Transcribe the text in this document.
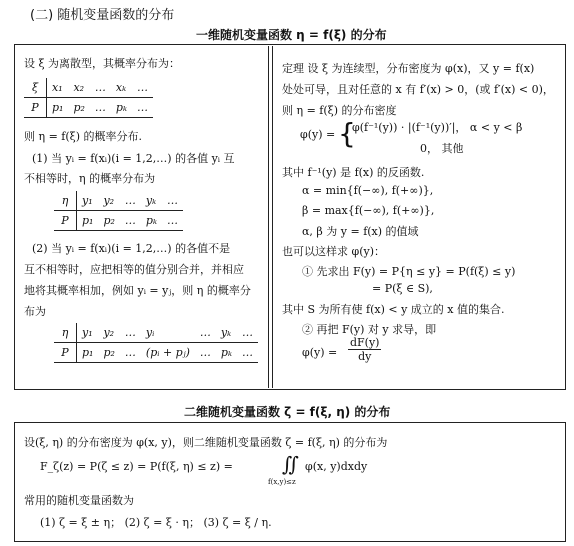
(二) 随机变量函数的分布
一维随机变量函数 η = f(ξ) 的分布
设 ξ 为离散型，其概率分布为：
ξ	x₁	x₂	…	xₖ	…
P	p₁	p₂	…	pₖ	…
则 η = f(ξ) 的概率分布.
(1) 当 yᵢ = f(xᵢ)(i = 1,2,…) 的各值 yᵢ 互
不相等时，η 的概率分布为
η	y₁	y₂	…	yₖ	…
P	p₁	p₂	…	pₖ	…
(2) 当 yᵢ = f(xᵢ)(i = 1,2,…) 的各值不是
互不相等时，应把相等的值分别合并，并相应
地将其概率相加，例如 yᵢ = yⱼ，则 η 的概率分
布为
η	y₁	y₂	…	yᵢ	…	yₖ	…
P	p₁	p₂	…	(pᵢ + pⱼ)	…	pₖ	…
定理 设 ξ 为连续型，分布密度为 φ(x)，又 y = f(x)
处处可导，且对任意的 x 有 f′(x) > 0，(或 f′(x) < 0)，
则 η = f(ξ) 的分布密度
φ(y) = {
φ(f⁻¹(y)) · |(f⁻¹(y))′|， α < y < β
0， 其他
其中 f⁻¹(y) 是 f(x) 的反函数.
α = min{f(−∞), f(+∞)},
β = max{f(−∞), f(+∞)},
α, β 为 y = f(x) 的值域
也可以这样求 φ(y)：
① 先求出 F(y) = P{η ≤ y} = P(f(ξ) ≤ y)
= P(ξ ∈ S),
其中 S 为所有使 f(x) < y 成立的 x 值的集合.
② 再把 F(y) 对 y 求导，即
$\varphi(y) = \frac{dF(y)}{dy}$
二维随机变量函数 ζ = f(ξ, η) 的分布
设(ξ, η) 的分布密度为 φ(x, y)，则二维随机变量函数 ζ = f(ξ, η) 的分布为
F_ζ(z) = P(ζ ≤ z) = P(f(ξ, η) ≤ z) = ∬
f(x,y)≤z
φ(x, y)dxdy
常用的随机变量函数为
(1) ζ = ξ ± η； (2) ζ = ξ · η； (3) ζ = ξ / η.
